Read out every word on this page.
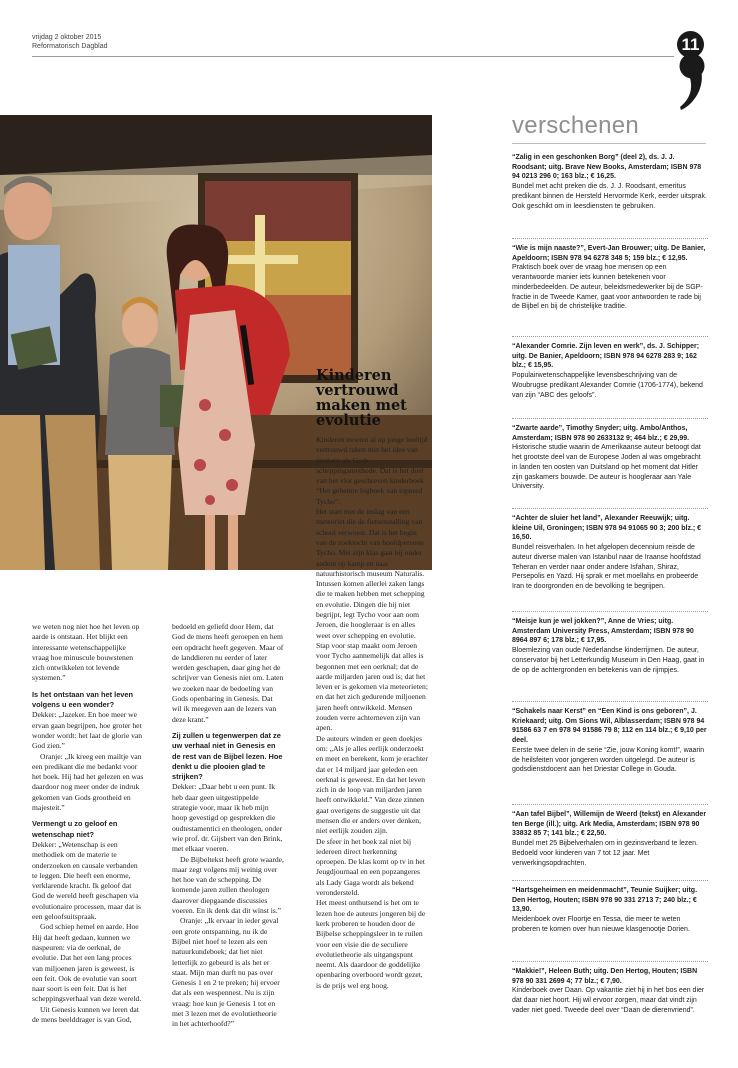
vrijdag 2 oktober 2015
Reformatorisch Dagblad	11
verschenen

“Zalig in een geschonken Borg” (deel 2), ds. J. J. Roodsant; uitg. Brave New Books, Amsterdam; ISBN 978 94 0213 296 0; 163 blz.; € 16,25.

Bundel met acht preken die ds. J. J. Roodsant, emeritus predikant binnen de Hersteld Hervormde Kerk, eerder uitsprak. Ook geschikt om in leesdiensten te gebruiken.

“Wie is mijn naaste?”, Evert-Jan Brouwer; uitg. De Banier, Apeldoorn; ISBN 978 94 6278 348 5; 159 blz.; € 12,95.

Praktisch boek over de vraag hoe mensen op een verantwoorde manier iets kunnen betekenen voor minderbedeelden. De auteur, beleidsmedewerker bij de SGP-fractie in de Tweede Kamer, gaat voor antwoorden te rade bij de Bijbel en bij de christelijke traditie.

“Alexander Comrie. Zijn leven en werk”, ds. J. Schipper; uitg. De Banier, Apeldoorn; ISBN 978 94 6278 283 9; 162 blz.; € 15,95.

Populairwetenschappelijke levensbeschrijving van de Woubrugse predikant Alexander Comrie (1706-1774), bekend van zijn “ABC des geloofs”.

“Zwarte aarde”, Timothy Snyder; uitg. Ambo/Anthos, Amsterdam; ISBN 978 90 2633132 9; 464 blz.; € 29,99.

Historische studie waarin de Amerikaanse auteur betoogt dat het grootste deel van de Europese Joden al was omgebracht in landen ten oosten van Duitsland op het moment dat Hitler zijn gaskamers bouwde. De auteur is hoogleraar aan Yale University.

“Achter de sluier het land”, Alexander Reeuwijk; uitg. kleine Uil, Groningen; ISBN 978 94 91065 90 3; 200 blz.; € 16,50.

Bundel reisverhalen. In het afgelopen decennium reisde de auteur diverse malen van Istanbul naar de Iraanse hoofdstad Teheran en verder naar onder andere Isfahan, Shiraz, Persepolis en Yazd. Hij sprak er met moellahs en probeerde Iran te doorgronden en de bevolking te begrijpen.

“Meisje kun je wel jokken?”, Anne de Vries; uitg. Amsterdam University Press, Amsterdam; ISBN 978 90 8964 897 6; 178 blz.; € 17,95.

Bloemlezing van oude Nederlandse kinderrijmen. De auteur, conservator bij het Letterkundig Museum in Den Haag, gaat in de op de achtergronden en betekenis van de rijmpjes.

“Schakels naar Kerst” en “Een Kind is ons geboren”, J. Kriekaard; uitg. Om Sions Wil, Alblasserdam; ISBN 978 94 91586 63 7 en 978 94 91586 79 8; 112 en 114 blz.; € 9,10 per deel.

Eerste twee delen in de serie “Zie, jouw Koning komt!”, waarin de heilsfeiten voor jongeren worden uitgelegd. De auteur is godsdienstdocent aan het Driestar College in Gouda.

“Aan tafel Bijbel”, Willemijn de Weerd (tekst) en Alexander ten Berge (ill.); uitg. Ark Media, Amsterdam; ISBN 978 90 33832 85 7; 141 blz.; € 22,50.

Bundel met 25 Bijbelverhalen om in gezinsverband te lezen. Bedoeld voor kinderen van 7 tot 12 jaar. Met verwerkingsopdrachten.

“Hartsgeheimen en meidenmacht”, Teunie Suijker; uitg. Den Hertog, Houten; ISBN 978 90 331 2713 7; 240 blz.; € 13,90.

Meidenboek over Floortje en Tessa, die meer te weten proberen te komen over hun nieuwe klasgenootje Dorien.

“Makkie!”, Heleen Buth; uitg. Den Hertog, Houten; ISBN 978 90 331 2699 4; 77 blz.; € 7,90.

Kinderboek over Daan. Op vakantie ziet hij in het bos een dier dat daar niet hoort. Hij wil ervoor zorgen, maar dat vindt zijn vader niet goed. Tweede deel over “Daan de dierenvriend”.

Kinderen
vertrouwd
maken met
evolutie

we weten nog niet hoe het leven op aarde is ontstaan. Het blijkt een interessante wetenschappelijke vraag hoe minuscule bouwstenen zich ontwikkelen tot levende systemen.”

Is het ontstaan van het leven volgens u een wonder?

Dekker: „Jazeker. En hoe meer we ervan gaan begrijpen, hoe groter het wonder wordt: het laat de glorie van God zien.”

Oranje: „Ik kreeg een mailtje van een predikant die me bedankt voor het boek. Hij had het gelezen en was daardoor nog meer onder de indruk gekomen van Gods grootheid en majesteit.”

Vermengt u zo geloof en wetenschap niet?

Dekker: „Wetenschap is een methodiek om de materie te onderzoeken en causale verbanden te leggen. Die heeft een enorme, verklarende kracht. Ik geloof dat God de wereld heeft geschapen via evolutionaire processen, maar dat is een geloofsuitspraak.

God schiep hemel en aarde. Hoe Hij dat heeft gedaan, kunnen we naspeuren: via de oerknal, de evolutie. Dat het een lang proces van miljoenen jaren is geweest, is een feit. Ook de evolutie van soort naar soort is een feit. Dat is het scheppingsverhaal van deze wereld.

Uit Genesis kunnen we leren dat de mens beelddrager is van God,

bedoeld en geliefd door Hem, dat God de mens heeft geroepen en hem een opdracht heeft gegeven. Maar of de landdieren nu eerder of later werden geschapen, daar ging het de schrijver van Genesis niet om. Laten we zoeken naar de bedoeling van Gods openbaring in Genesis. Dat wil ik meegeven aan de lezers van deze krant.”

Zij zullen u tegenwerpen dat ze uw verhaal niet in Genesis en de rest van de Bijbel lezen. Hoe denkt u die plooien glad te strijken?

Dekker: „Daar hebt u een punt. Ik heb daar geen uitgestippelde strategie voor, maar ik heb mijn hoop gevestigd op gesprekken die oudtestamentici en theologen, onder wie prof. dr. Gijsbert van den Brink, met elkaar voeren.

De Bijbeltekst heeft grote waarde, maar zegt volgens mij weinig over het hoe van de schepping. De komende jaren zullen theologen daarover diepgaande discussies voeren. En ik denk dat dit wínst is.”

Oranje: „Ik ervaar in ieder geval een grote ontspanning, nu ik de Bijbel niet hoef te lezen als een natuurkundeboek; dat het niet letterlijk zo gebeurd is als het er staat. Mijn man durft nu pas over Genesis 1 en 2 te preken; hij ervoer dat als een wespennest. Nu is zijn vraag: hoe kun je Genesis 1 tot en met 3 lezen met de evolutietheorie in het achterhoofd?”

Kinderen moeten al op jonge leeftijd vertrouwd raken met het idee van evolutie als Gods scheppingsmethode. Dat is het doel van het vlot geschreven kinderboek “Het geheime logboek van topnerd Tycho”.

Het start met de inslag van een meteoriet die de fietsenstalling van school verwoest. Dat is het begin van de zoektocht van hoofdpersoon Tycho. Met zijn klas gaat hij onder andere op kamp en naar natuurhistorisch museum Naturalis.

Intussen komen allerlei zaken langs die te maken hebben met schepping en evolutie. Dingen die hij niet begrijpt, legt Tycho voor aan oom Jeroen, die hoogleraar is en alles weet over schepping en evolutie.

Stap voor stap maakt oom Jeroen voor Tycho aannemelijk dat alles is begonnen met een oerknal; dat de aarde miljarden jaren oud is; dat het leven er is gekomen via meteorieten; en dat het zich gedurende miljoenen jaren heeft ontwikkeld. Mensen zouden verre achterneven zijn van apen.

De auteurs winden er geen doekjes om: „Als je alles eerlijk onderzoekt en meet en berekent, kom je erachter dat er 14 miljard jaar geleden een oerknal is geweest. En dat het leven zich in de loop van miljarden jaren heeft ontwikkeld.” Van deze zinnen gaat overigens de suggestie uit dat mensen die er anders over denken, niet eerlijk zouden zijn.

De sfeer in het boek zal niet bij iedereen direct herkenning oproepen. De klas komt op tv in het Jeugdjournaal en een popzangeres als Lady Gaga wordt als bekend verondersteld.

Het meest onthutsend is het om te lezen hoe de auteurs jongeren bij de kerk proberen te houden door de Bijbelse scheppingsleer in te ruilen voor een visie die de seculiere evolutietheorie als uitgangspunt neemt. Als daardoor de goddelijke openbaring overboord wordt gezet, is de prijs wel erg hoog.
